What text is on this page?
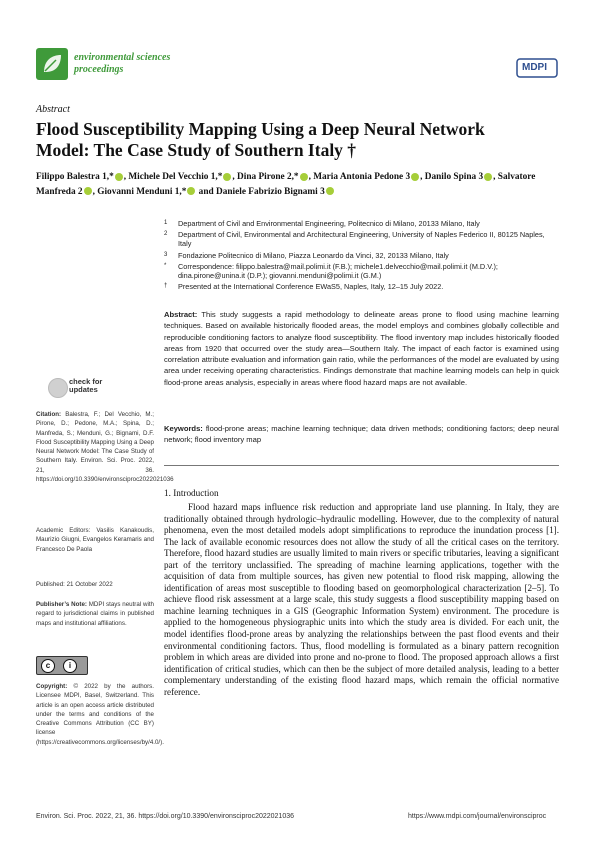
environmental sciences
proceedings	MDPI
Abstract
Flood Susceptibility Mapping Using a Deep Neural Network Model: The Case Study of Southern Italy †
Filippo Balestra 1,* , Michele Del Vecchio 1,* , Dina Pirone 2,* , Maria Antonia Pedone 3 , Danilo Spina 3 , Salvatore Manfreda 2 , Giovanni Menduni 1,* and Daniele Fabrizio Bignami 3
1	Department of Civil and Environmental Engineering, Politecnico di Milano, 20133 Milano, Italy
2	Department of Civil, Environmental and Architectural Engineering, University of Naples Federico II, 80125 Naples, Italy
3	Fondazione Politecnico di Milano, Piazza Leonardo da Vinci, 32, 20133 Milano, Italy
*	Correspondence: filippo.balestra@mail.polimi.it (F.B.); michele1.delvecchio@mail.polimi.it (M.D.V.); dina.pirone@unina.it (D.P.); giovanni.menduni@polimi.it (G.M.)
†	Presented at the International Conference EWaS5, Naples, Italy, 12–15 July 2022.
Abstract: This study suggests a rapid methodology to delineate areas prone to flood using machine learning techniques. Based on available historically flooded areas, the model employs and combines globally collectible and reproducible conditioning factors to analyze flood susceptibility. The flood inventory map includes historically flooded areas from 1920 that occurred over the study area—Southern Italy. The impact of each factor is examined using correlation attribute evaluation and information gain ratio, while the performances of the model are evaluated by using area under receiving operating characteristics. Findings demonstrate that machine learning models can help in quick flood-prone areas analysis, especially in areas where flood hazard maps are not available.
Keywords: flood-prone areas; machine learning technique; data driven methods; conditioning factors; deep neural network; flood inventory map
1. Introduction
Flood hazard maps influence risk reduction and appropriate land use planning. In Italy, they are traditionally obtained through hydrologic–hydraulic modelling. However, due to the complexity of natural phenomena, even the most detailed models adopt simplifications to reproduce the inundation process [1]. The lack of available economic resources does not allow the study of all the critical cases on the territory. Therefore, flood hazard studies are usually limited to main rivers or specific tributaries, leaving a significant part of the territory unclassified. The spreading of machine learning applications, together with the acquisition of data from multiple sources, has given new potential to flood risk mapping, allowing the identification of areas most susceptible to flooding based on geomorphological characterization [2–5]. To achieve flood risk assessment at a large scale, this study suggests a flood susceptibility mapping based on machine learning techniques in a GIS (Geographic Information System) environment. The procedure is applied to the homogeneous physiographic units into which the study area is divided. For each unit, the model identifies flood-prone areas by analyzing the relationships between the past flood events and their environmental conditioning factors. Thus, flood modelling is formulated as a binary pattern recognition problem in which areas are divided into prone and no-prone to flood. The proposed approach allows a first identification of critical studies, which can then be the subject of more detailed analysis, leading to a better complementary understanding of the existing flood hazard maps, which remain the official normative reference.
check for
updates
Citation: Balestra, F.; Del Vecchio, M.; Pirone, D.; Pedone, M.A.; Spina, D.; Manfreda, S.; Menduni, G.; Bignami, D.F. Flood Susceptibility Mapping Using a Deep Neural Network Model: The Case Study of Southern Italy. Environ. Sci. Proc. 2022, 21, 36. https://doi.org/10.3390/environsciproc2022021036
Academic Editors: Vasilis Kanakoudis, Maurizio Giugni, Evangelos Keramaris and Francesco De Paola
Published: 21 October 2022
Publisher’s Note: MDPI stays neutral with regard to jurisdictional claims in published maps and institutional affiliations.
c	i
Copyright: © 2022 by the authors. Licensee MDPI, Basel, Switzerland. This article is an open access article distributed under the terms and conditions of the Creative Commons Attribution (CC BY) license (https://creativecommons.org/licenses/by/4.0/).
Environ. Sci. Proc. 2022, 21, 36. https://doi.org/10.3390/environsciproc2022021036	https://www.mdpi.com/journal/environsciproc
